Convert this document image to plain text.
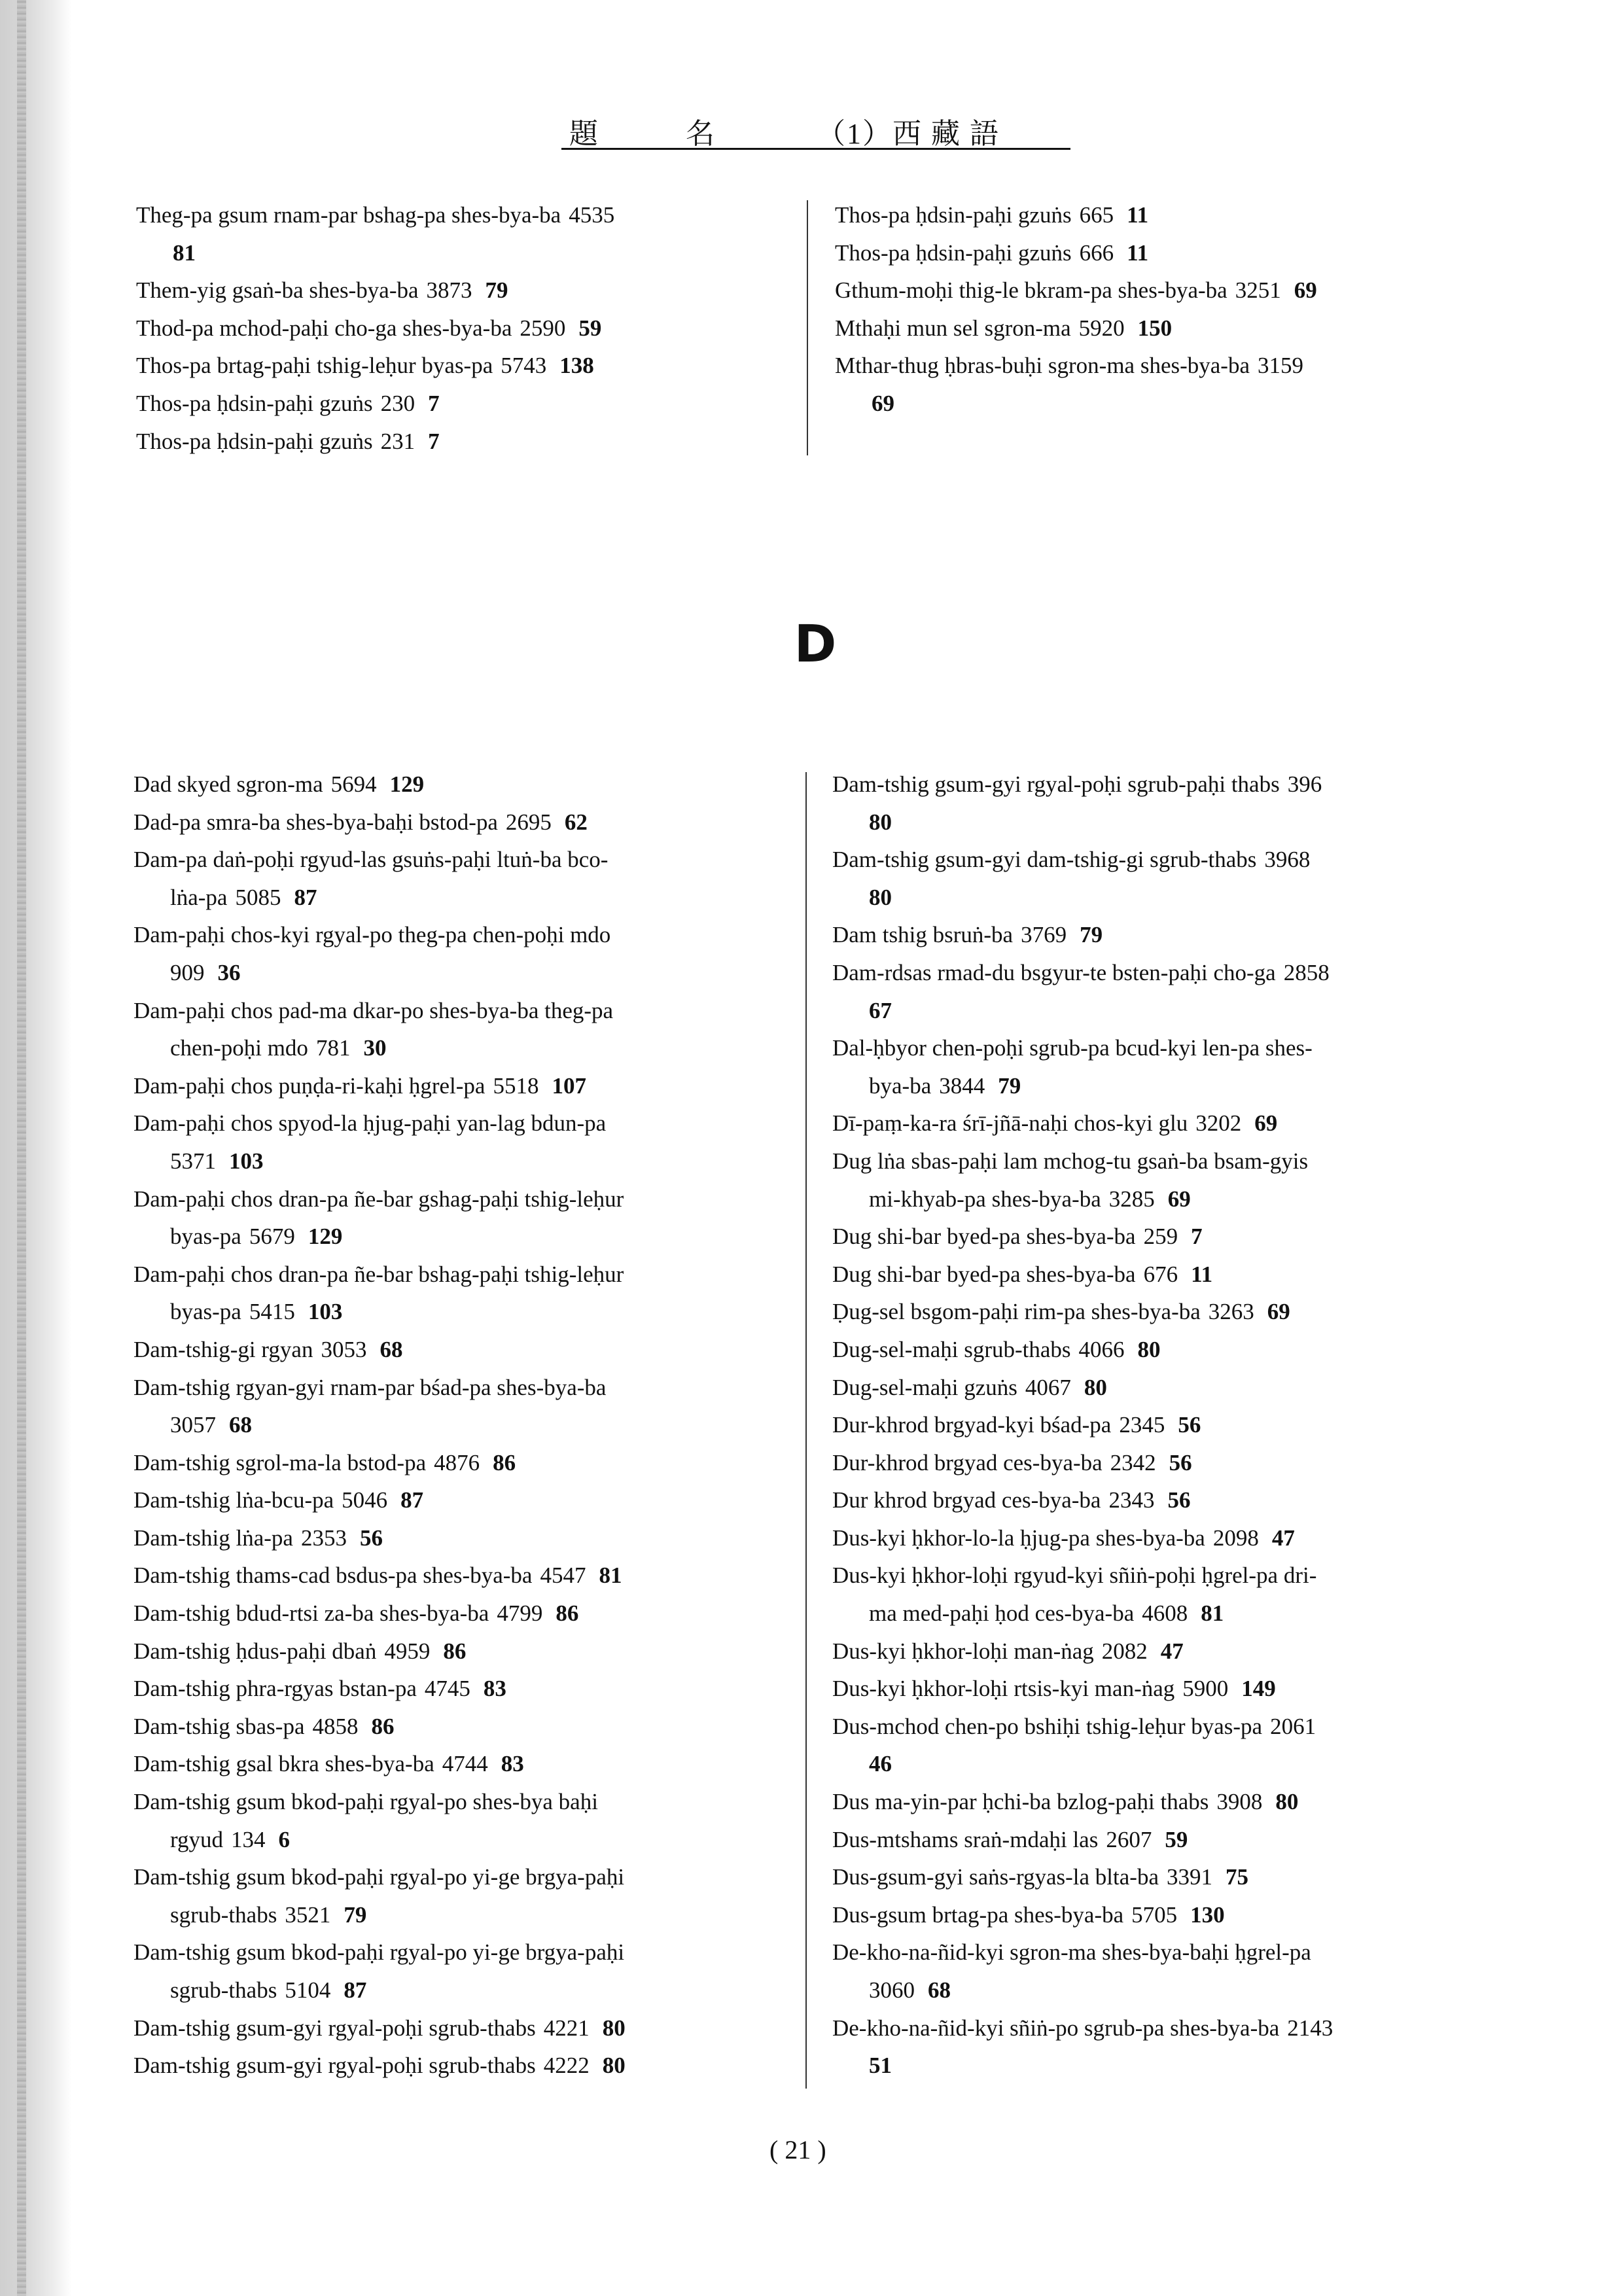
題	名	（1）西 藏 語
Theg-pa gsum rnam-par bshag-pa shes-bya-ba 4535
81
Them-yig gsaṅ-ba shes-bya-ba 3873 79
Thod-pa mchod-paḥi cho-ga shes-bya-ba 2590 59
Thos-pa brtag-paḥi tshig-leḥur byas-pa 5743 138
Thos-pa ḥdsin-paḥi gzuṅs 230 7
Thos-pa ḥdsin-paḥi gzuṅs 231 7
Thos-pa ḥdsin-paḥi gzuṅs 665 11
Thos-pa ḥdsin-paḥi gzuṅs 666 11
Gthum-moḥi thig-le bkram-pa shes-bya-ba 3251 69
Mthaḥi mun sel sgron-ma 5920 150
Mthar-thug ḥbras-buḥi sgron-ma shes-bya-ba 3159
69
D
Dad skyed sgron-ma 5694 129
Dad-pa smra-ba shes-bya-baḥi bstod-pa 2695 62
Dam-pa daṅ-poḥi rgyud-las gsuṅs-paḥi ltuṅ-ba bco-
lṅa-pa 5085 87
Dam-paḥi chos-kyi rgyal-po theg-pa chen-poḥi mdo
909 36
Dam-paḥi chos pad-ma dkar-po shes-bya-ba theg-pa
chen-poḥi mdo 781 30
Dam-paḥi chos puṇḍa-ri-kaḥi ḥgrel-pa 5518 107
Dam-paḥi chos spyod-la ḥjug-paḥi yan-lag bdun-pa
5371 103
Dam-paḥi chos dran-pa ñe-bar gshag-paḥi tshig-leḥur
byas-pa 5679 129
Dam-paḥi chos dran-pa ñe-bar bshag-paḥi tshig-leḥur
byas-pa 5415 103
Dam-tshig-gi rgyan 3053 68
Dam-tshig rgyan-gyi rnam-par bśad-pa shes-bya-ba
3057 68
Dam-tshig sgrol-ma-la bstod-pa 4876 86
Dam-tshig lṅa-bcu-pa 5046 87
Dam-tshig lṅa-pa 2353 56
Dam-tshig thams-cad bsdus-pa shes-bya-ba 4547 81
Dam-tshig bdud-rtsi za-ba shes-bya-ba 4799 86
Dam-tshig ḥdus-paḥi dbaṅ 4959 86
Dam-tshig phra-rgyas bstan-pa 4745 83
Dam-tshig sbas-pa 4858 86
Dam-tshig gsal bkra shes-bya-ba 4744 83
Dam-tshig gsum bkod-paḥi rgyal-po shes-bya baḥi
rgyud 134 6
Dam-tshig gsum bkod-paḥi rgyal-po yi-ge brgya-paḥi
sgrub-thabs 3521 79
Dam-tshig gsum bkod-paḥi rgyal-po yi-ge brgya-paḥi
sgrub-thabs 5104 87
Dam-tshig gsum-gyi rgyal-poḥi sgrub-thabs 4221 80
Dam-tshig gsum-gyi rgyal-poḥi sgrub-thabs 4222 80
Dam-tshig gsum-gyi rgyal-poḥi sgrub-paḥi thabs 396
80
Dam-tshig gsum-gyi dam-tshig-gi sgrub-thabs 3968
80
Dam tshig bsruṅ-ba 3769 79
Dam-rdsas rmad-du bsgyur-te bsten-paḥi cho-ga 2858
67
Dal-ḥbyor chen-poḥi sgrub-pa bcud-kyi len-pa shes-
bya-ba 3844 79
Dī-paṃ-ka-ra śrī-jñā-naḥi chos-kyi glu 3202 69
Dug lṅa sbas-paḥi lam mchog-tu gsaṅ-ba bsam-gyis
mi-khyab-pa shes-bya-ba 3285 69
Dug shi-bar byed-pa shes-bya-ba 259 7
Dug shi-bar byed-pa shes-bya-ba 676 11
Ḍug-sel bsgom-paḥi rim-pa shes-bya-ba 3263 69
Dug-sel-maḥi sgrub-thabs 4066 80
Dug-sel-maḥi gzuṅs 4067 80
Dur-khrod brgyad-kyi bśad-pa 2345 56
Dur-khrod brgyad ces-bya-ba 2342 56
Dur khrod brgyad ces-bya-ba 2343 56
Dus-kyi ḥkhor-lo-la ḥjug-pa shes-bya-ba 2098 47
Dus-kyi ḥkhor-loḥi rgyud-kyi sñiṅ-poḥi ḥgrel-pa dri-
ma med-paḥi ḥod ces-bya-ba 4608 81
Dus-kyi ḥkhor-loḥi man-ṅag 2082 47
Dus-kyi ḥkhor-loḥi rtsis-kyi man-ṅag 5900 149
Dus-mchod chen-po bshiḥi tshig-leḥur byas-pa 2061
46
Dus ma-yin-par ḥchi-ba bzlog-paḥi thabs 3908 80
Dus-mtshams sraṅ-mdaḥi las 2607 59
Dus-gsum-gyi saṅs-rgyas-la blta-ba 3391 75
Dus-gsum brtag-pa shes-bya-ba 5705 130
De-kho-na-ñid-kyi sgron-ma shes-bya-baḥi ḥgrel-pa
3060 68
De-kho-na-ñid-kyi sñiṅ-po sgrub-pa shes-bya-ba 2143
51
( 21 )
